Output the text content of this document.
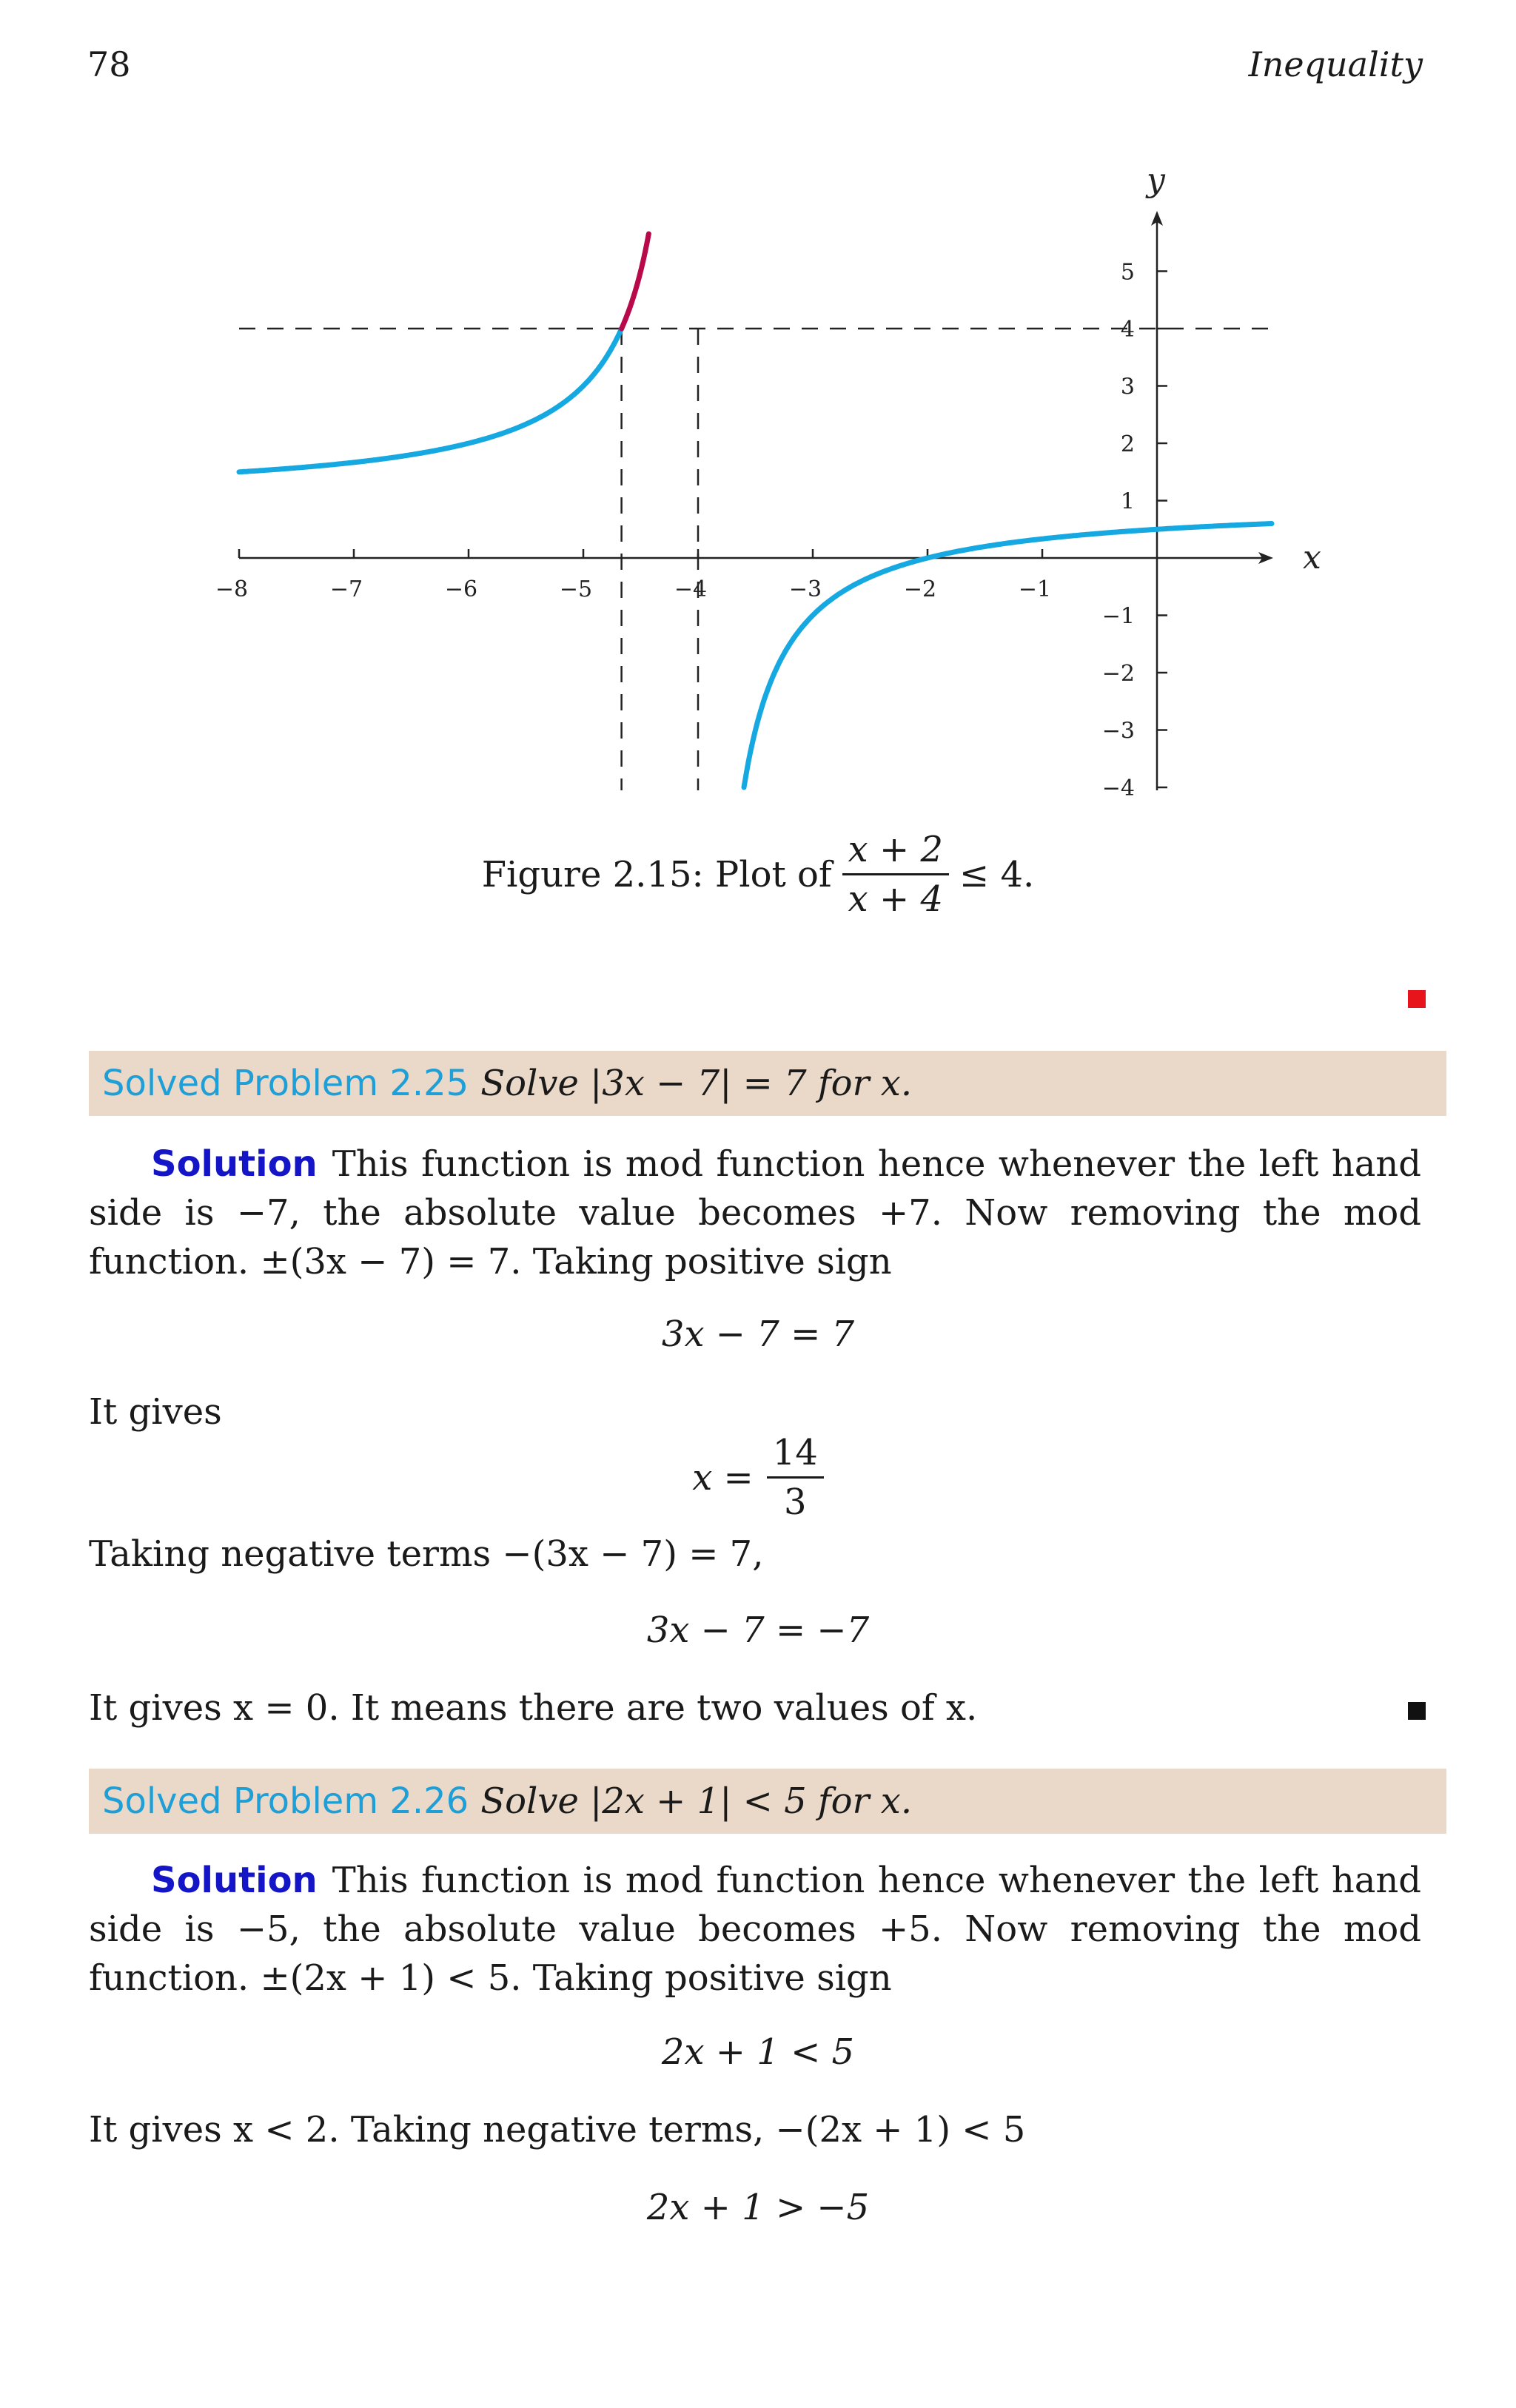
78	Inequality
−8	−7	−6	−5	−4	−3	−2	−1
5
4
3
2
1
−1
−2
−3
−4
x
y
Figure 2.15: Plot of $\frac{x + 2}{x + 4} \le 4$.
Solved Problem 2.25 Solve |3x − 7| = 7 for x.
Solution This function is mod function hence whenever the left hand side is −7, the absolute value becomes +7. Now removing the mod function. ±(3x − 7) = 7. Taking positive sign
3x − 7 = 7
It gives
$x = \frac{14}{3}$
Taking negative terms −(3x − 7) = 7,
3x − 7 = −7
It gives x = 0. It means there are two values of x.
Solved Problem 2.26 Solve |2x + 1| < 5 for x.
Solution This function is mod function hence whenever the left hand side is −5, the absolute value becomes +5. Now removing the mod function. ±(2x + 1) < 5. Taking positive sign
2x + 1 < 5
It gives x < 2. Taking negative terms, −(2x + 1) < 5
2x + 1 > −5
